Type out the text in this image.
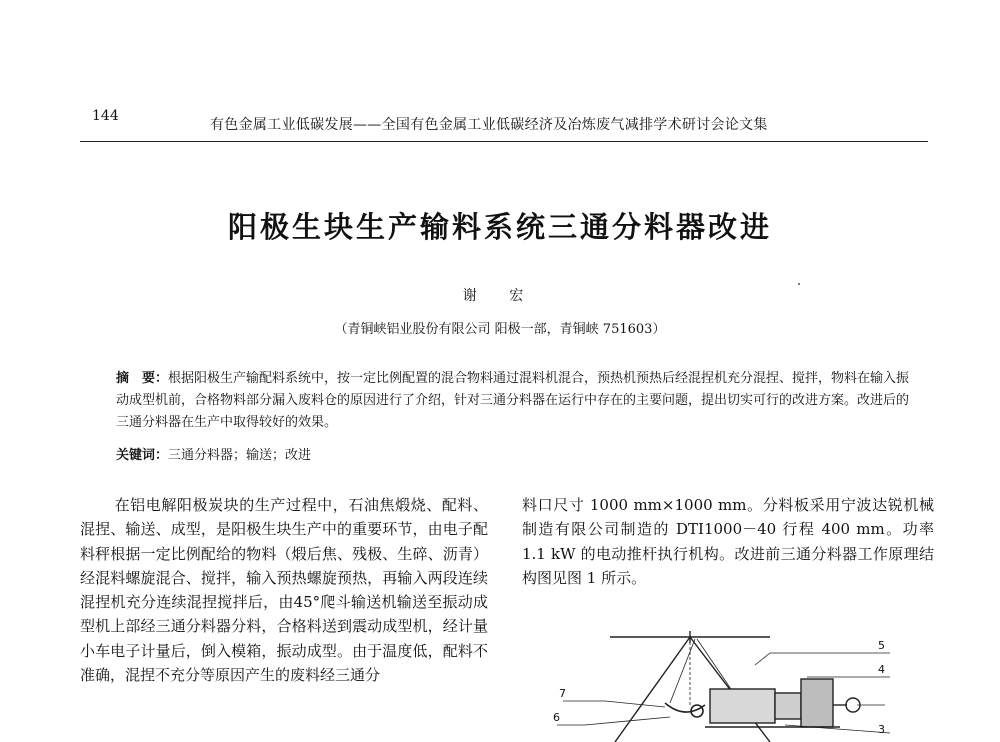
144
有色金属工业低碳发展——全国有色金属工业低碳经济及冶炼废气减排学术研讨会论文集
阳极生块生产输料系统三通分料器改进
谢 宏
（青铜峡铝业股份有限公司 阳极一部，青铜峡 751603）
摘　要：根据阳极生产输配料系统中，按一定比例配置的混合物料通过混料机混合，预热机预热后经混捏机充分混捏、搅拌，物料在输入振动成型机前，合格物料部分漏入废料仓的原因进行了介绍，针对三通分料器在运行中存在的主要问题，提出切实可行的改进方案。改进后的三通分料器在生产中取得较好的效果。
关键词：三通分料器；输送；改进
在铝电解阳极炭块的生产过程中，石油焦煅烧、配料、混捏、输送、成型，是阳极生块生产中的重要环节，由电子配料秤根据一定比例配给的物料（煅后焦、残极、生碎、沥青）经混料螺旋混合、搅拌，输入预热螺旋预热，再输入两段连续混捏机充分连续混捏搅拌后，由45°爬斗输送机输送至振动成型机上部经三通分料器分料，合格料送到震动成型机，经计量小车电子计量后，倒入模箱，振动成型。由于温度低，配料不准确，混捏不充分等原因产生的废料经三通分
料口尺寸 1000 mm×1000 mm。分料板采用宁波达锐机械制造有限公司制造的 DTI1000－40 行程 400 mm。功率 1.1 kW 的电动推杆执行机构。改进前三通分料器工作原理结构图见图 1 所示。
5
4
7
6
3
